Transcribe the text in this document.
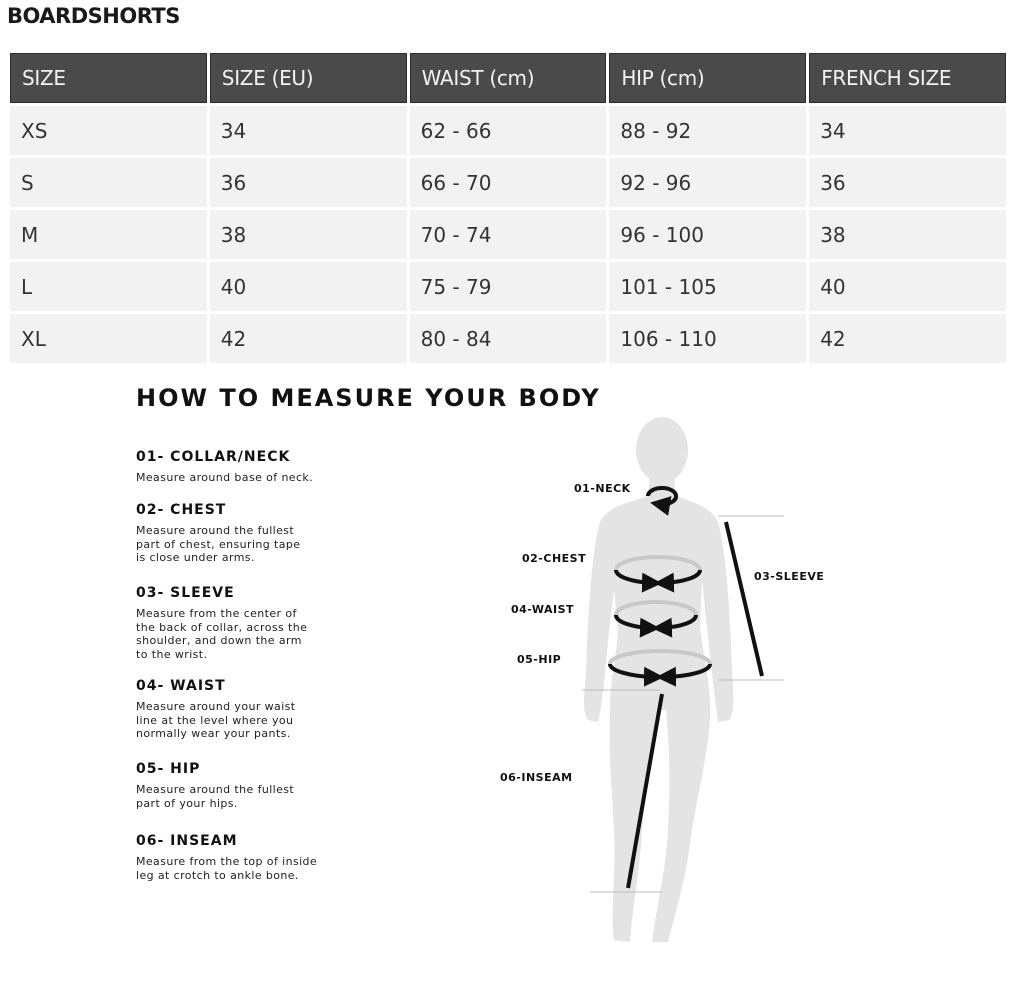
BOARDSHORTS
SIZE	SIZE (EU)	WAIST (cm)	HIP (cm)	FRENCH SIZE
XS	34	62 - 66	88 - 92	34
S	36	66 - 70	92 - 96	36
M	38	70 - 74	96 - 100	38
L	40	75 - 79	101 - 105	40
XL	42	80 - 84	106 - 110	42
HOW TO MEASURE YOUR BODY
01- COLLAR/NECK
Measure around base of neck.
02- CHEST
Measure around the fullest
part of chest, ensuring tape
is close under arms.
03- SLEEVE
Measure from the center of
the back of collar, across the
shoulder, and down the arm
to the wrist.
04- WAIST
Measure around your waist
line at the level where you
normally wear your pants.
05- HIP
Measure around the fullest
part of your hips.
06- INSEAM
Measure from the top of inside
leg at crotch to ankle bone.
01-NECK
02-CHEST
03-SLEEVE
04-WAIST
05-HIP
06-INSEAM
